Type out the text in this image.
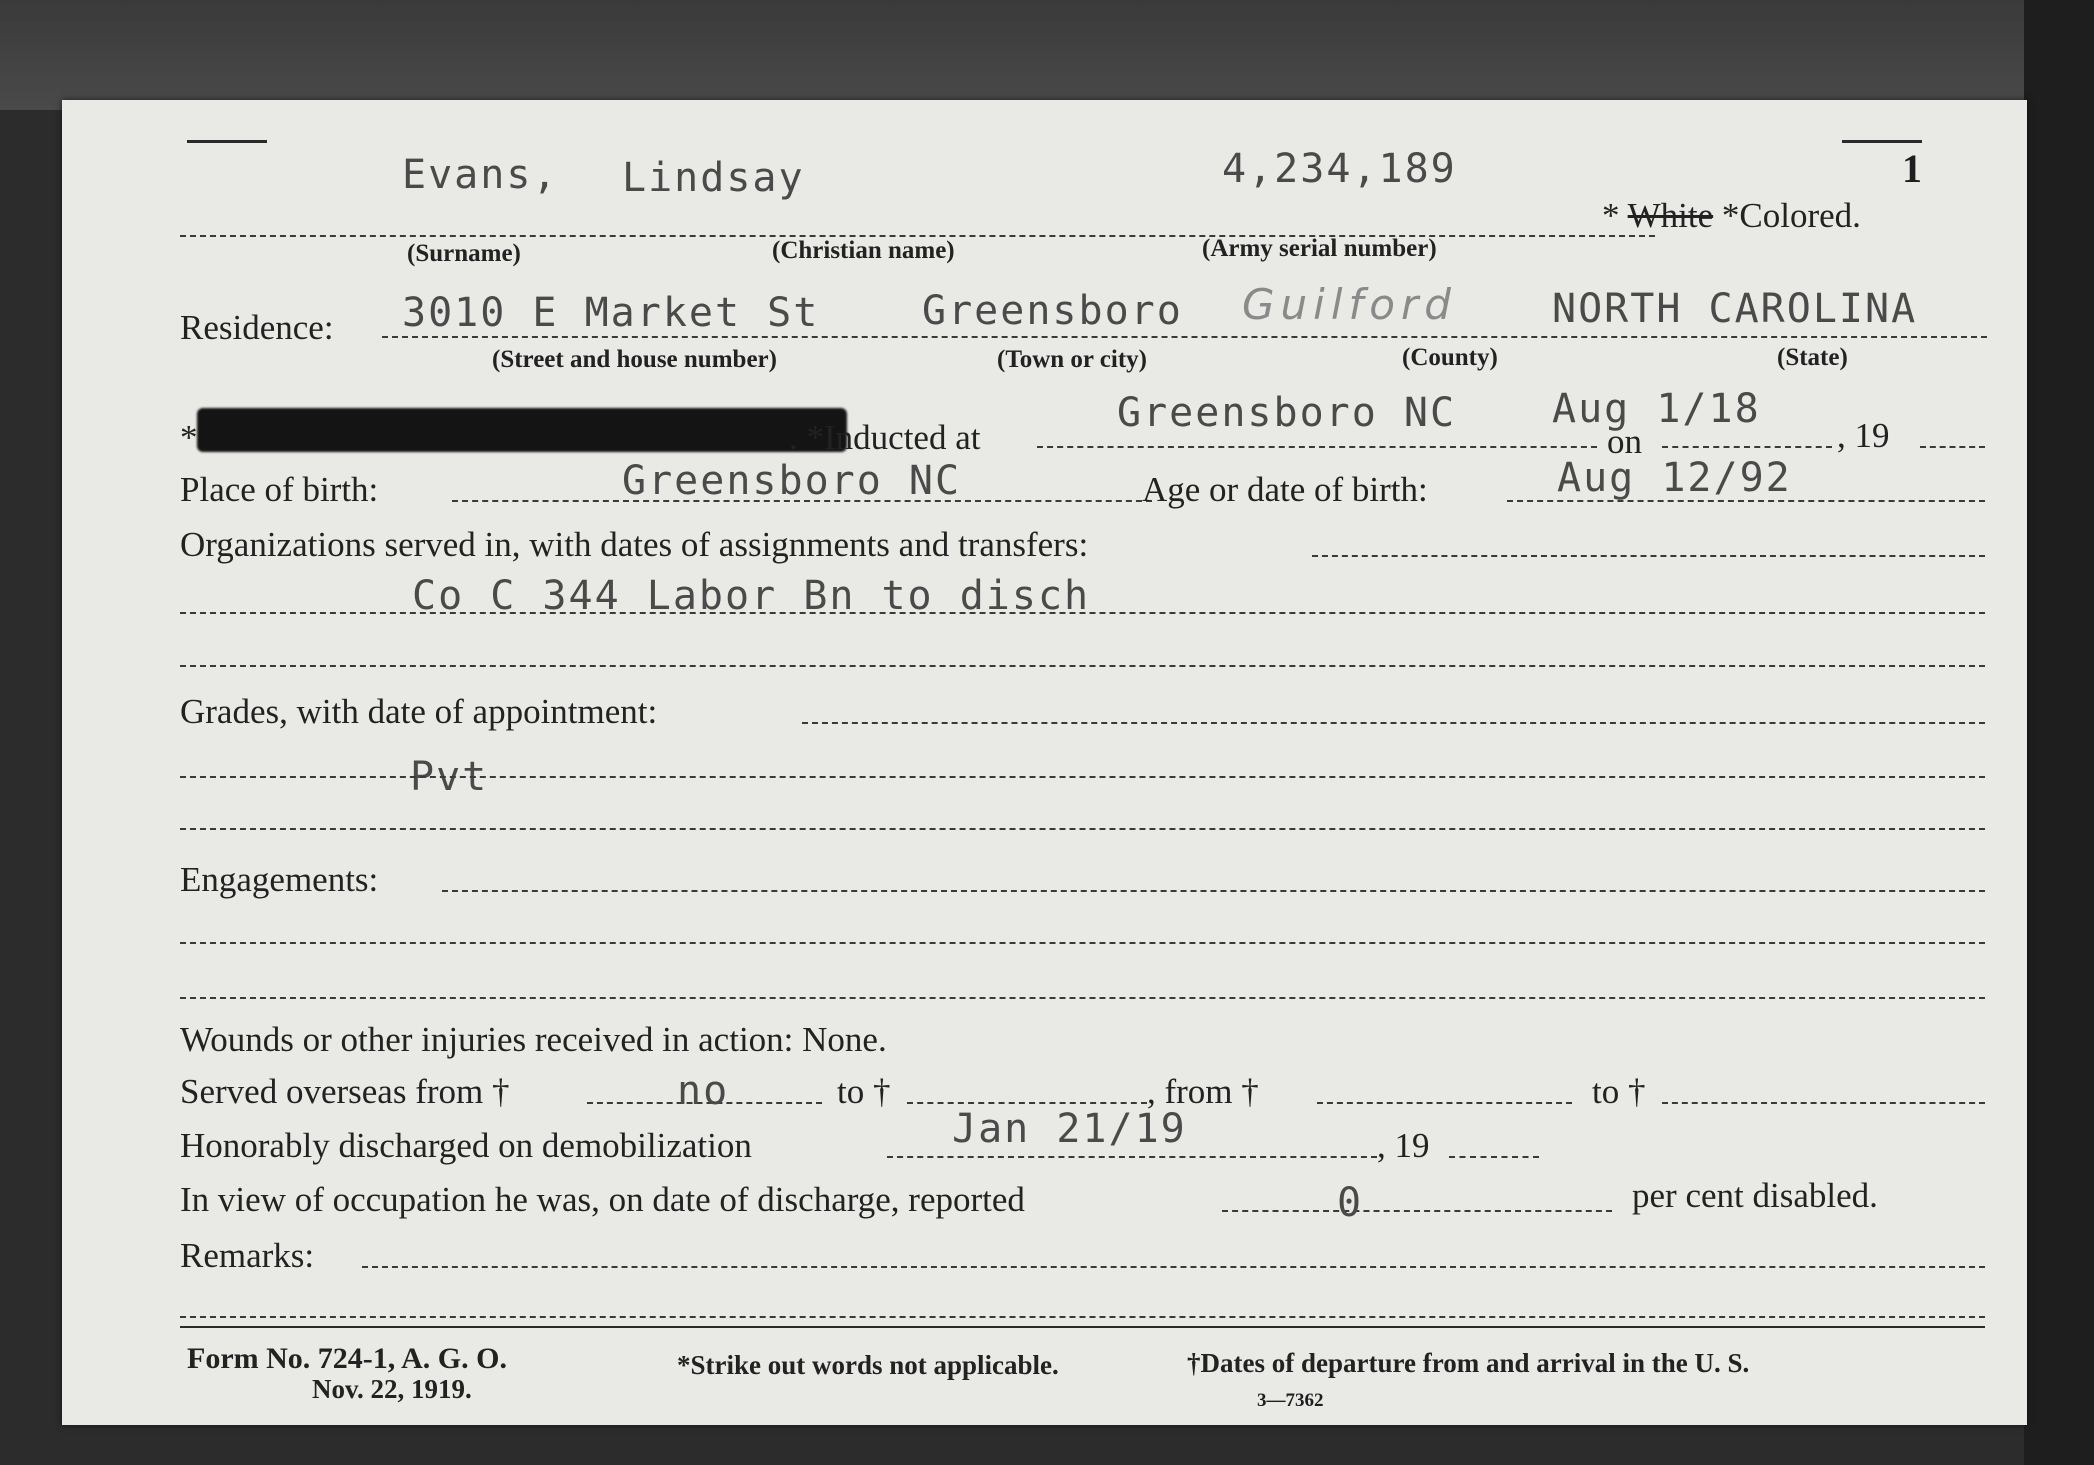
1
Evans, Lindsay	4,234,189
* White *Colored.
(Surname)	(Christian name)	(Army serial number)
Residence: 3010 E Market St	Greensboro Guilford NORTH CAROLINA
(Street and house number)	(Town or city)	(County)	(State)
*	. *Inducted at
Greensboro NC Aug 1/18
on	, 19
Place of birth:	Greensboro NC	Age or date of birth:	Aug 12/92
Organizations served in, with dates of assignments and transfers:
Co C 344 Labor Bn to disch
Grades, with date of appointment:
Pvt
Engagements:
Wounds or other injuries received in action: None.
Served overseas from †	no	to †	, from †	to †
Honorably discharged on demobilization	Jan 21/19	, 19
In view of occupation he was, on date of discharge, reported	0	per cent disabled.
Remarks:
Form No. 724-1, A. G. O.
Nov. 22, 1919.
*Strike out words not applicable.	†Dates of departure from and arrival in the U. S.
3—7362
